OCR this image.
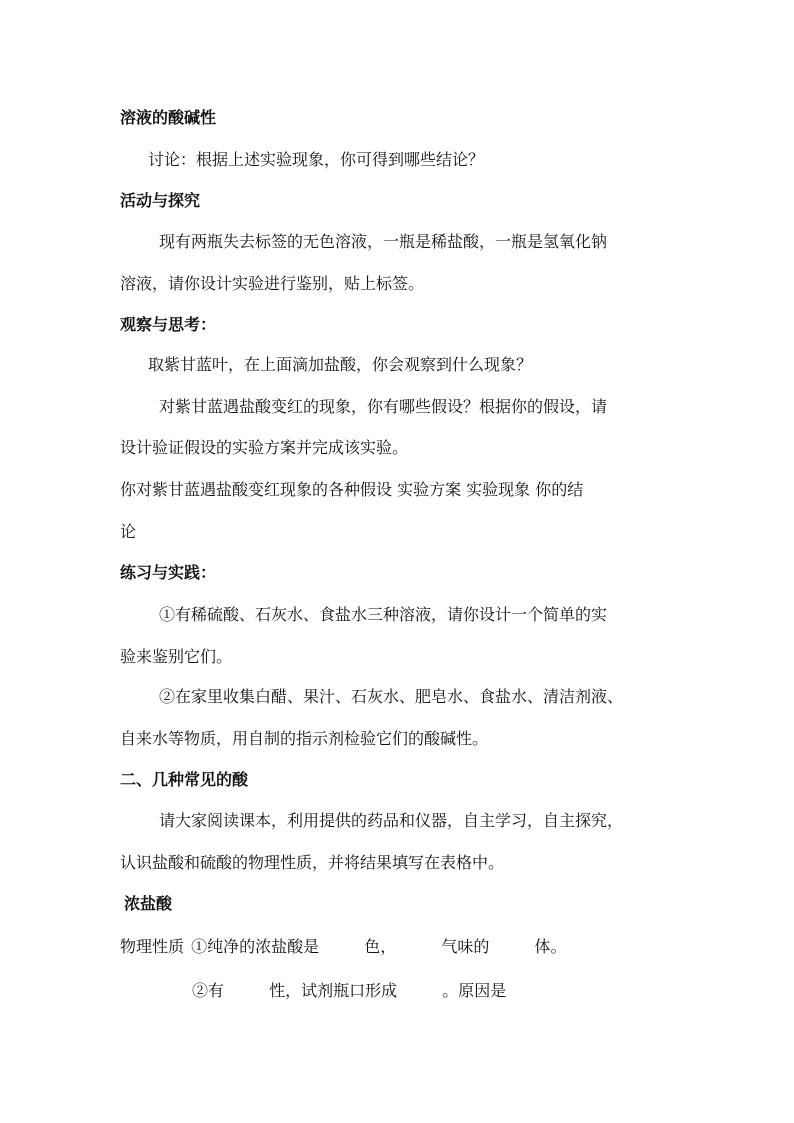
溶液的酸碱性
讨论：根据上述实验现象，你可得到哪些结论？
活动与探究
现有两瓶失去标签的无色溶液，一瓶是稀盐酸，一瓶是氢氧化钠
溶液，请你设计实验进行鉴别，贴上标签。
观察与思考：
取紫甘蓝叶，在上面滴加盐酸，你会观察到什么现象？
对紫甘蓝遇盐酸变红的现象，你有哪些假设？根据你的假设，请
设计验证假设的实验方案并完成该实验。
你对紫甘蓝遇盐酸变红现象的各种假设 实验方案 实验现象 你的结
论
练习与实践：
①有稀硫酸、石灰水、食盐水三种溶液，请你设计一个简单的实
验来鉴别它们。
②在家里收集白醋、果汁、石灰水、肥皂水、食盐水、清洁剂液、
自来水等物质，用自制的指示剂检验它们的酸碱性。
二、几种常见的酸
请大家阅读课本，利用提供的药品和仪器，自主学习，自主探究，
认识盐酸和硫酸的物理性质，并将结果填写在表格中。
浓盐酸
物理性质 ①纯净的浓盐酸是	色，	气味的	体。
②有	性，试剂瓶口形成	。原因是
